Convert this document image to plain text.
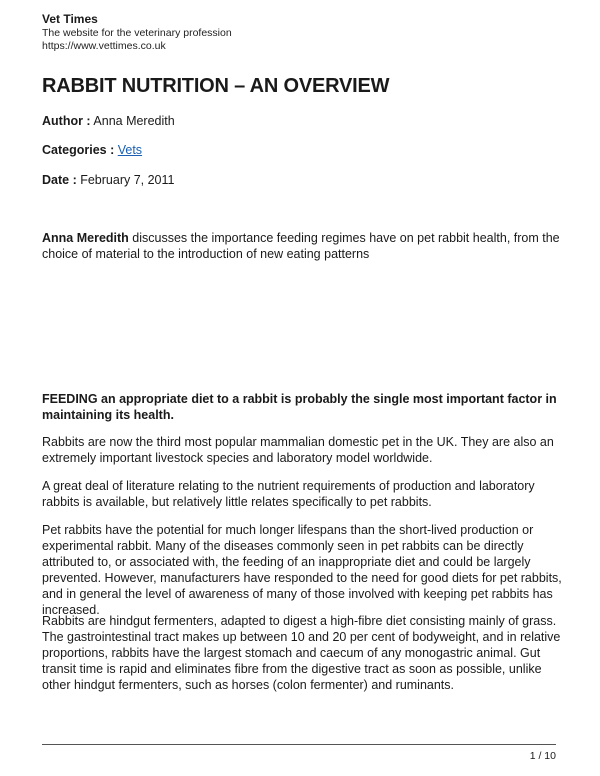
Vet Times
The website for the veterinary profession
https://www.vettimes.co.uk
RABBIT NUTRITION – AN OVERVIEW
Author : Anna Meredith
Categories : Vets
Date : February 7, 2011

Anna Meredith discusses the importance feeding regimes have on pet rabbit health, from the choice of material to the introduction of new eating patterns

FEEDING an appropriate diet to a rabbit is probably the single most important factor in maintaining its health.

Rabbits are now the third most popular mammalian domestic pet in the UK. They are also an extremely important livestock species and laboratory model worldwide.

A great deal of literature relating to the nutrient requirements of production and laboratory rabbits is available, but relatively little relates specifically to pet rabbits.

Pet rabbits have the potential for much longer lifespans than the short-lived production or experimental rabbit. Many of the diseases commonly seen in pet rabbits can be directly attributed to, or associated with, the feeding of an inappropriate diet and could be largely prevented. However, manufacturers have responded to the need for good diets for pet rabbits, and in general the level of awareness of many of those involved with keeping pet rabbits has increased.

Rabbits are hindgut fermenters, adapted to digest a high-fibre diet consisting mainly of grass. The gastrointestinal tract makes up between 10 and 20 per cent of bodyweight, and in relative proportions, rabbits have the largest stomach and caecum of any monogastric animal. Gut transit time is rapid and eliminates fibre from the digestive tract as soon as possible, unlike other hindgut fermenters, such as horses (colon fermenter) and ruminants.

1 / 10
